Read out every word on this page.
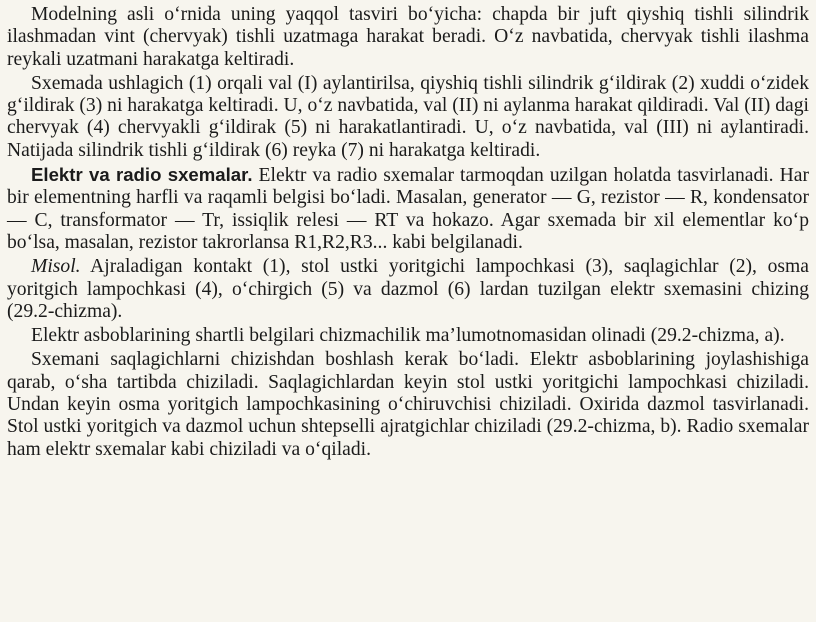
Modelning asli o‘rnida uning yaqqol tasviri bo‘yicha: chapda bir juft qiyshiq tishli silindrik ilashmadan vint (chervyak) tishli uzatmaga harakat beradi. O‘z navbatida, chervyak tishli ilashma reykali uzatmani harakatga keltiradi.

Sxemada ushlagich (1) orqali val (I) aylantirilsa, qiyshiq tishli silindrik g‘ildirak (2) xuddi o‘zidek g‘ildirak (3) ni harakatga keltiradi. U, o‘z navbatida, val (II) ni aylanma harakat qildiradi. Val (II) dagi chervyak (4) chervyakli g‘ildirak (5) ni harakatlantiradi. U, o‘z navbatida, val (III) ni aylantiradi. Natijada silindrik tishli g‘ildirak (6) reyka (7) ni harakatga keltiradi.

Elektr va radio sxemalar. Elektr va radio sxemalar tarmoqdan uzilgan holatda tasvirlanadi. Har bir elementning harfli va raqamli belgisi bo‘ladi. Masalan, generator — G, rezistor — R, kondensator — C, transformator — Tr, issiqlik relesi — RT va hokazo. Agar sxemada bir xil elementlar ko‘p bo‘lsa, masalan, rezistor takrorlansa R1,R2,R3... kabi belgilanadi.

Misol. Ajraladigan kontakt (1), stol ustki yoritgichi lampochkasi (3), saqlagichlar (2), osma yoritgich lampochkasi (4), o‘chirgich (5) va dazmol (6) lardan tuzilgan elektr sxemasini chizing (29.2-chizma).

Elektr asboblarining shartli belgilari chizmachilik ma’lumotnomasidan olinadi (29.2-chizma, a).

Sxemani saqlagichlarni chizishdan boshlash kerak bo‘ladi. Elektr asboblarining joylashishiga qarab, o‘sha tartibda chiziladi. Saqlagichlardan keyin stol ustki yoritgichi lampochkasi chiziladi. Undan keyin osma yoritgich lampochkasining o‘chiruvchisi chiziladi. Oxirida dazmol tasvirlanadi. Stol ustki yoritgich va dazmol uchun shtepselli ajratgichlar chiziladi (29.2-chizma, b). Radio sxemalar ham elektr sxemalar kabi chiziladi va o‘qiladi.
